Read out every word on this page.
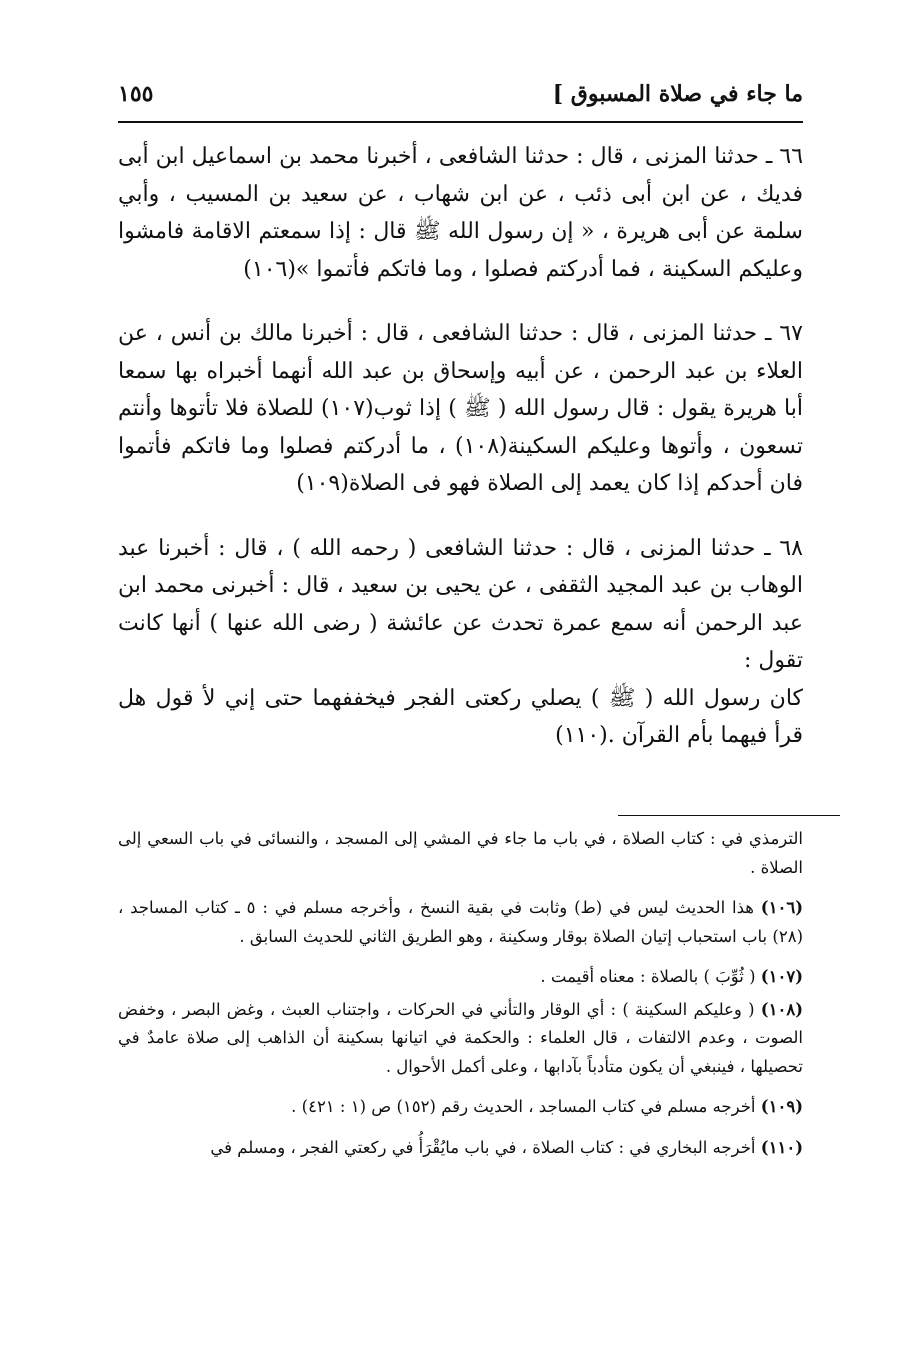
ما جاء في صلاة المسبوق ]
١٥٥

٦٦ ـ حدثنا المزنى ، قال : حدثنا الشافعى ، أخبرنا محمد بن اسماعيل ابن أبى فديك ، عن ابن أبى ذئب ، عن ابن شهاب ، عن سعيد بن المسيب ، وأبي سلمة عن أبى هريرة ، « إن رسول الله ﷺ قال : إذا سمعتم الاقامة فامشوا وعليكم السكينة ، فما أدركتم فصلوا ، وما فاتكم فأتموا »(١٠٦)

٦٧ ـ حدثنا المزنى ، قال : حدثنا الشافعى ، قال : أخبرنا مالك بن أنس ، عن العلاء بن عبد الرحمن ، عن أبيه وإسحاق بن عبد الله أنهما أخبراه بها سمعا أبا هريرة يقول : قال رسول الله ( ﷺ ) إذا ثوب(١٠٧) للصلاة فلا تأتوها وأنتم تسعون ، وأتوها وعليكم السكينة(١٠٨) ، ما أدركتم فصلوا وما فاتكم فأتموا فان أحدكم إذا كان يعمد إلى الصلاة فهو فى الصلاة(١٠٩)

٦٨ ـ حدثنا المزنى ، قال : حدثنا الشافعى ( رحمه الله ) ، قال : أخبرنا عبد الوهاب بن عبد المجيد الثقفى ، عن يحيى بن سعيد ، قال : أخبرنى محمد ابن عبد الرحمن أنه سمع عمرة تحدث عن عائشة ( رضى الله عنها ) أنها كانت تقول :

كان رسول الله ( ﷺ ) يصلي ركعتى الفجر فيخففهما حتى إني لأ قول هل قرأ فيهما بأم القرآن .(١١٠)

الترمذي في : كتاب الصلاة ، في باب ما جاء في المشي إلى المسجد ، والنسائى في باب السعي إلى الصلاة .

(١٠٦) هذا الحديث ليس في (ط) وثابت في بقية النسخ ، وأخرجه مسلم في : ٥ ـ كتاب المساجد ، (٢٨) باب استحباب إتيان الصلاة بوقار وسكينة ، وهو الطريق الثاني للحديث السابق .

(١٠٧) ( ثُوِّبَ ) بالصلاة : معناه أقيمت .

(١٠٨) ( وعليكم السكينة ) : أي الوقار والتأني في الحركات ، واجتناب العبث ، وغض البصر ، وخفض الصوت ، وعدم الالتفات ، قال العلماء : والحكمة في اتيانها بسكينة أن الذاهب إلى صلاة عامدٌ في تحصيلها ، فينبغي أن يكون متأدباً بآدابها ، وعلى أكمل الأحوال .

(١٠٩) أخرجه مسلم في كتاب المساجد ، الحديث رقم (١٥٢) ص (١ : ٤٢١) .

(١١٠) أخرجه البخاري في : كتاب الصلاة ، في باب مايُقْرَأُ في ركعتي الفجر ، ومسلم في
